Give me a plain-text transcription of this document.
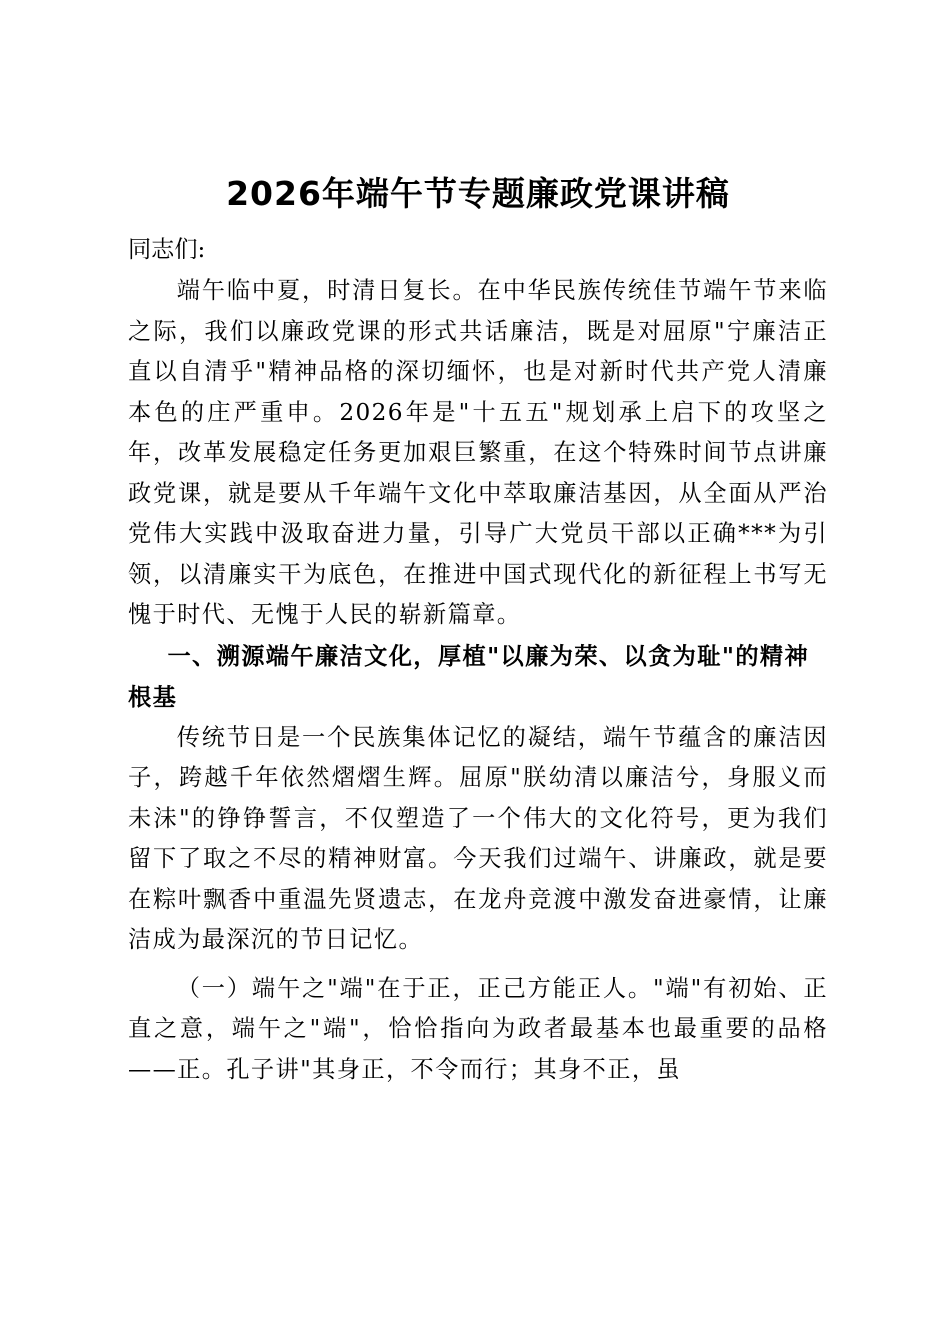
2026年端午节专题廉政党课讲稿

同志们:

端午临中夏，时清日复长。在中华民族传统佳节端午节来临之际，我们以廉政党课的形式共话廉洁，既是对屈原"宁廉洁正直以自清乎"精神品格的深切缅怀，也是对新时代共产党人清廉本色的庄严重申。2026年是"十五五"规划承上启下的攻坚之年，改革发展稳定任务更加艰巨繁重，在这个特殊时间节点讲廉政党课，就是要从千年端午文化中萃取廉洁基因，从全面从严治党伟大实践中汲取奋进力量，引导广大党员干部以正确***为引领，以清廉实干为底色，在推进中国式现代化的新征程上书写无愧于时代、无愧于人民的崭新篇章。

一、溯源端午廉洁文化，厚植"以廉为荣、以贪为耻"的精神根基

传统节日是一个民族集体记忆的凝结，端午节蕴含的廉洁因子，跨越千年依然熠熠生辉。屈原"朕幼清以廉洁兮，身服义而未沬"的铮铮誓言，不仅塑造了一个伟大的文化符号，更为我们留下了取之不尽的精神财富。今天我们过端午、讲廉政，就是要在粽叶飘香中重温先贤遗志，在龙舟竞渡中激发奋进豪情，让廉洁成为最深沉的节日记忆。

（一）端午之"端"在于正，正己方能正人。"端"有初始、正直之意，端午之"端"，恰恰指向为政者最基本也最重要的品格——正。孔子讲"其身正，不令而行；其身不正，虽
